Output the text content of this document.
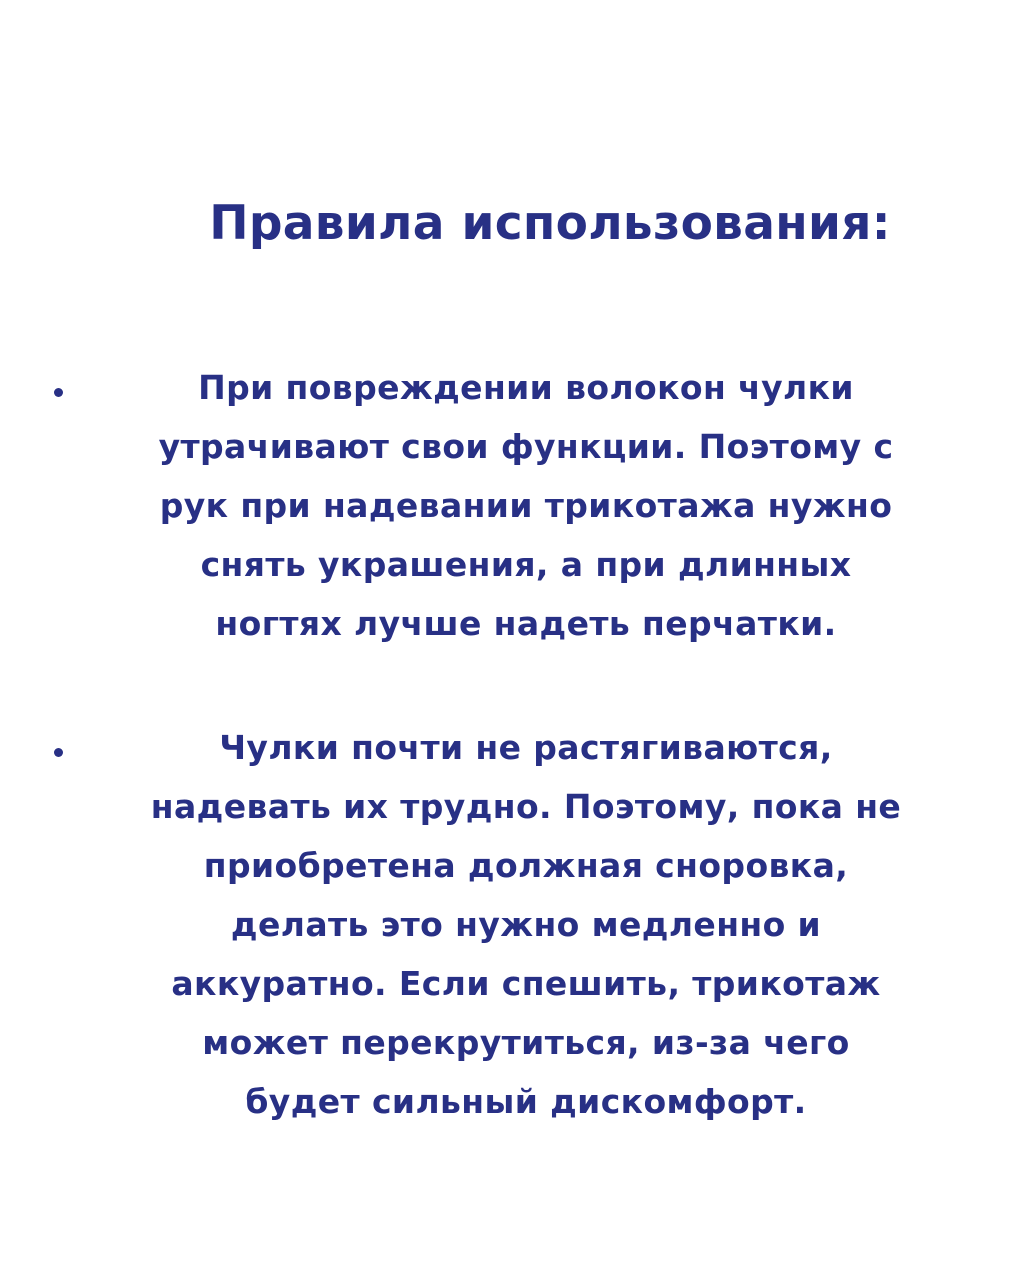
Правила использования:

При повреждении волокон чулки
утрачивают свои функции. Поэтому с
рук при надевании трикотажа нужно
снять украшения, а при длинных
ногтях лучше надеть перчатки.

Чулки почти не растягиваются,
надевать их трудно. Поэтому, пока не
приобретена должная сноровка,
делать это нужно медленно и
аккуратно. Если спешить, трикотаж
может перекрутиться, из-за чего
будет сильный дискомфорт.
